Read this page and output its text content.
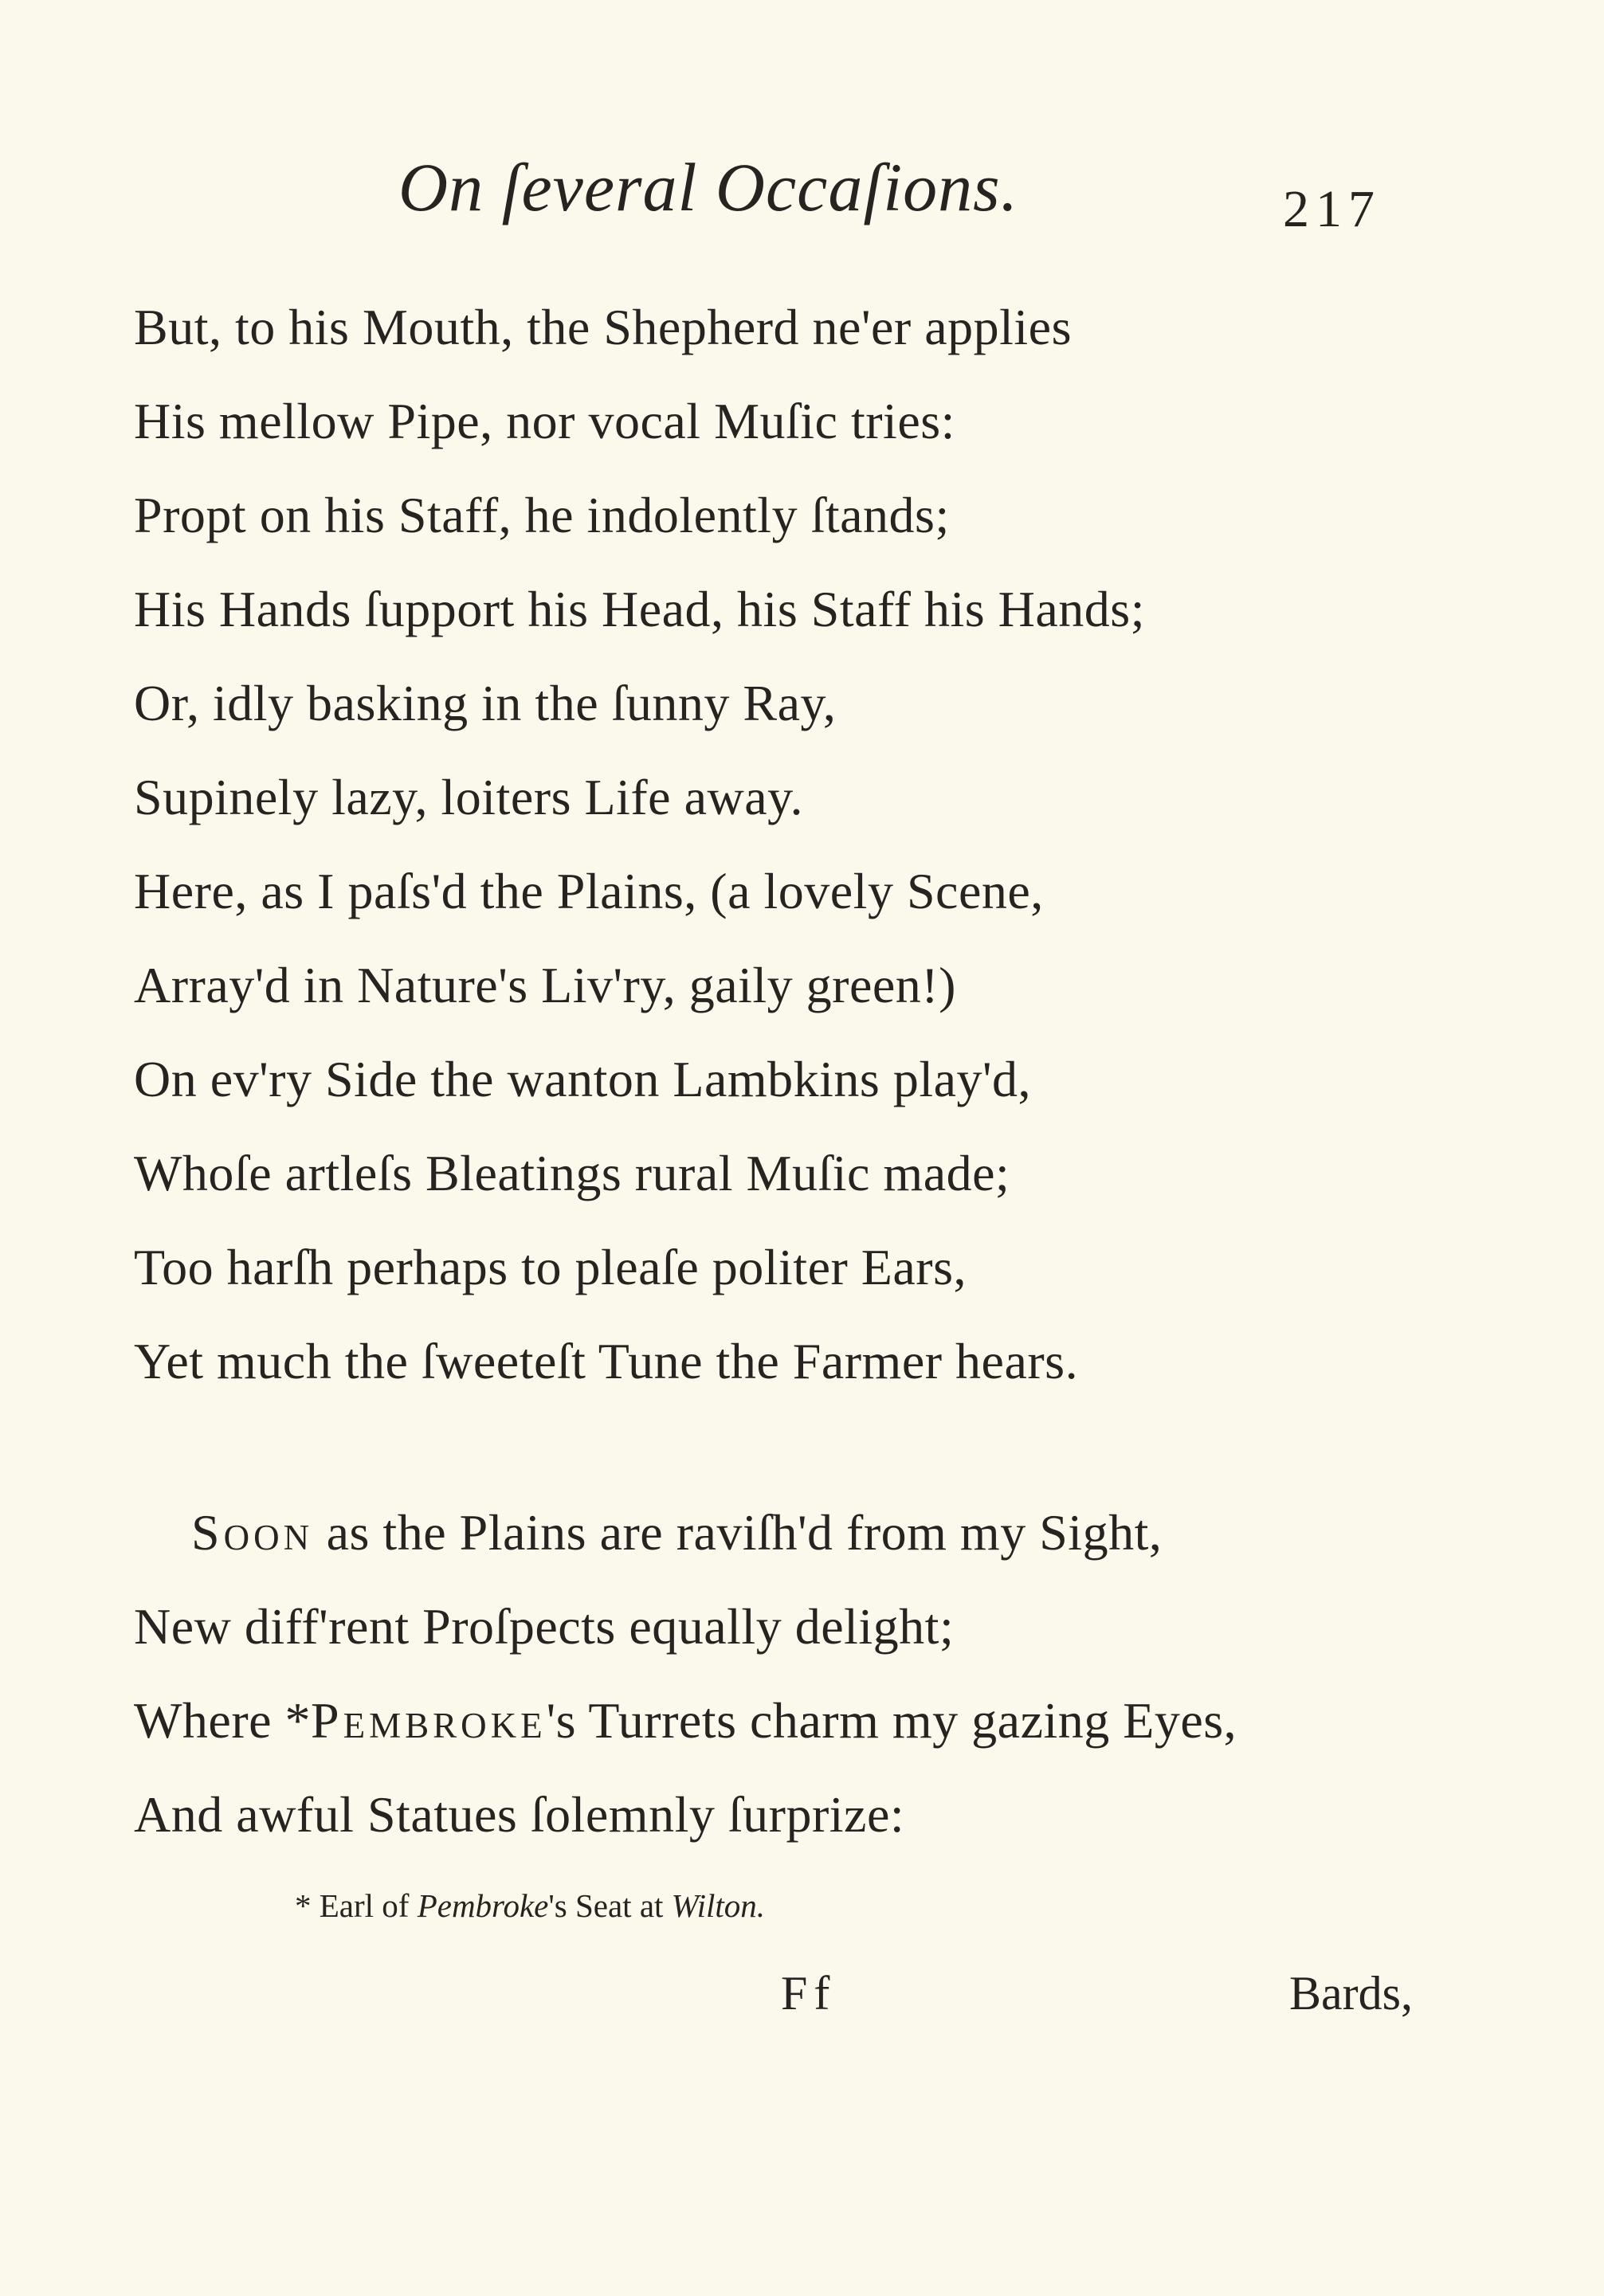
On ſeveral Occaſions.	217
But, to his Mouth, the Shepherd ne'er applies
His mellow Pipe, nor vocal Muſic tries:
Propt on his Staff, he indolently ſtands;
His Hands ſupport his Head, his Staff his Hands;
Or, idly basking in the ſunny Ray,
Supinely lazy, loiters Life away.
Here, as I paſs'd the Plains, (a lovely Scene,
Array'd in Nature's Liv'ry, gaily green!)
On ev'ry Side the wanton Lambkins play'd,
Whoſe artleſs Bleatings rural Muſic made;
Too harſh perhaps to pleaſe politer Ears,
Yet much the ſweeteſt Tune the Farmer hears.
Soon as the Plains are raviſh'd from my Sight,
New diff'rent Proſpects equally delight;
Where *Pembroke's Turrets charm my gazing Eyes,
And awful Statues ſolemnly ſurprize:
* Earl of Pembroke's Seat at Wilton.
Ff	Bards,
